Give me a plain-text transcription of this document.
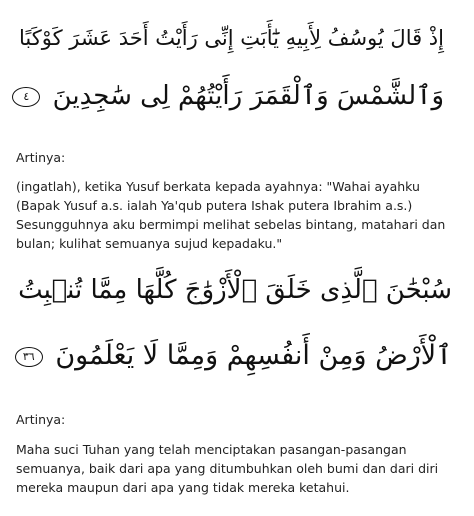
إِذْ قَالَ يُوسُفُ لِأَبِيهِ يَٰٓأَبَتِ إِنِّى رَأَيْتُ أَحَدَ عَشَرَ كَوْكَبًا
وَٱلشَّمْسَ وَٱلْقَمَرَ رَأَيْتُهُمْ لِى سَٰجِدِينَ ٤
Artinya:
(ingatlah), ketika Yusuf berkata kepada ayahnya: "Wahai ayahku (Bapak Yusuf a.s. ialah Ya'qub putera Ishak putera Ibrahim a.s.) Sesungguhnya aku bermimpi melihat sebelas bintang, matahari dan bulan; kulihat semuanya sujud kepadaku."
سُبْحَٰنَ ٱلَّذِى خَلَقَ ٱلْأَزْوَٰجَ كُلَّهَا مِمَّا تُنۢبِتُ
ٱلْأَرْضُ وَمِنْ أَنفُسِهِمْ وَمِمَّا لَا يَعْلَمُونَ ٣٦
Artinya:
Maha suci Tuhan yang telah menciptakan pasangan-pasangan semuanya, baik dari apa yang ditumbuhkan oleh bumi dan dari diri mereka maupun dari apa yang tidak mereka ketahui.
